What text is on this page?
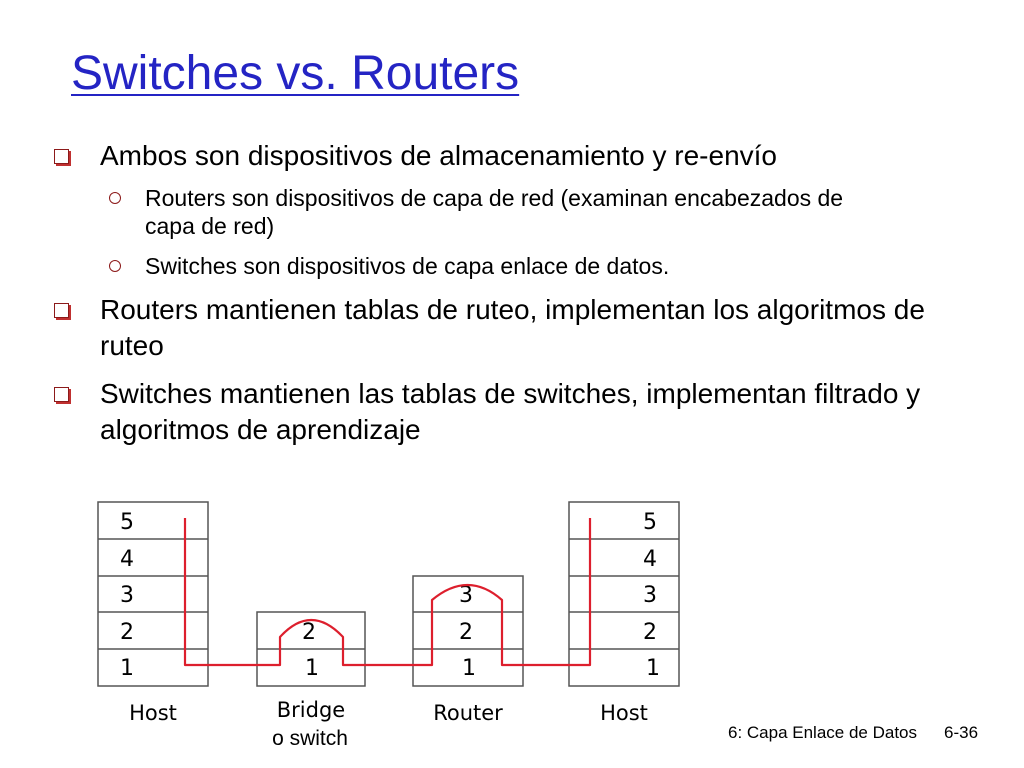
Switches vs. Routers
Ambos son dispositivos de almacenamiento y re-envío
Routers son dispositivos de capa de red (examinan encabezados de capa de red)
Switches son dispositivos de capa enlace de datos.
Routers mantienen tablas de ruteo, implementan los algoritmos de ruteo
Switches mantienen las tablas de switches, implementan filtrado y algoritmos de aprendizaje
5
4
3
2
1
Host
2
1
Bridge
o switch
3
2
1
Router
5
4
3
2
1
Host
6: Capa Enlace de Datos 6-36
